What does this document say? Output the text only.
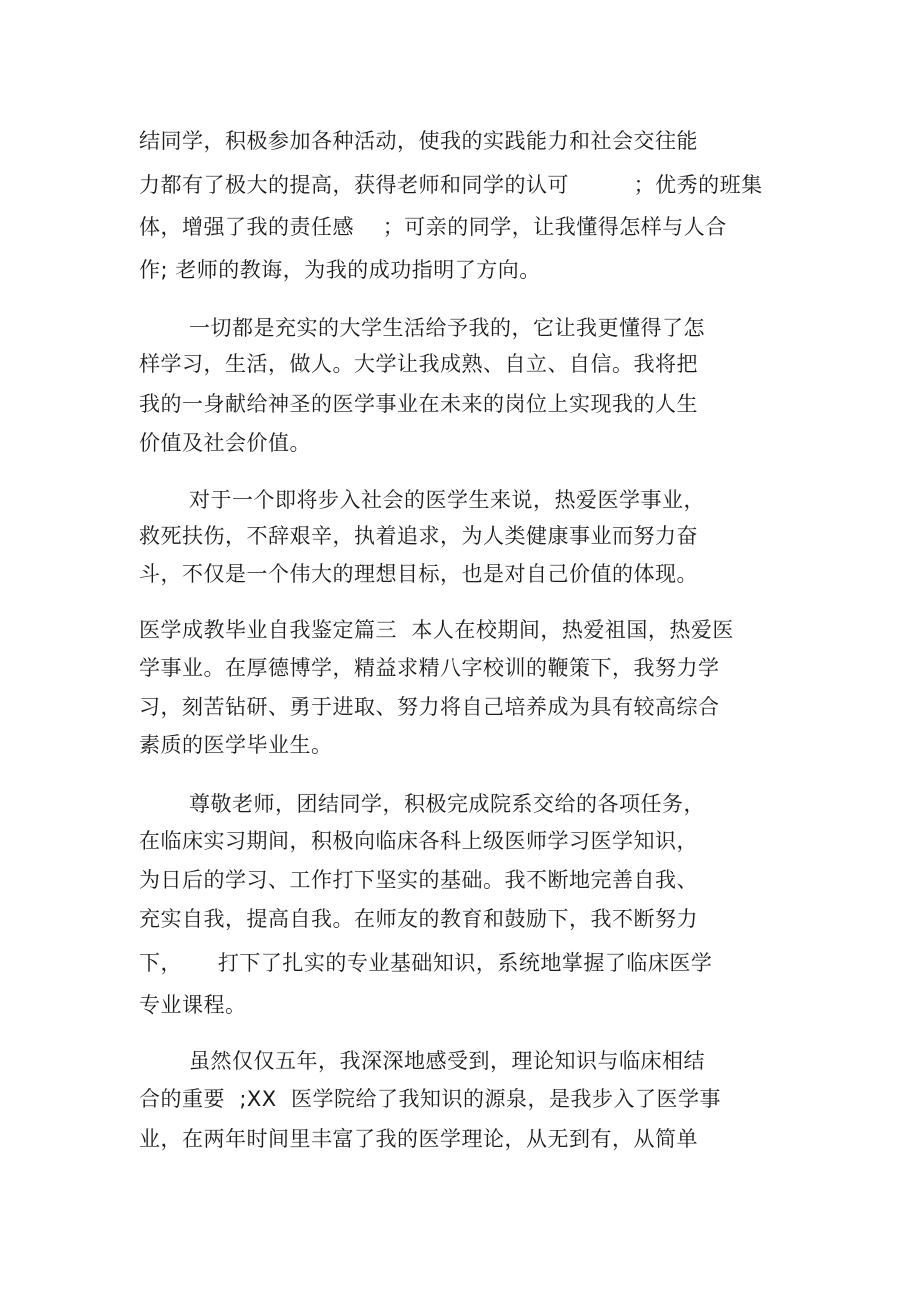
结同学，积极参加各种活动，使我的实践能力和社会交往能

力都有了极大的提高，获得老师和同学的认可         ；优秀的班集

体，增强了我的责任感    ；可亲的同学，让我懂得怎样与人合

作; 老师的教诲，为我的成功指明了方向。

一切都是充实的大学生活给予我的，它让我更懂得了怎

样学习，生活，做人。大学让我成熟、自立、自信。我将把

我的一身献给神圣的医学事业在未来的岗位上实现我的人生

价值及社会价值。

对于一个即将步入社会的医学生来说，热爱医学事业，

救死扶伤，不辞艰辛，执着追求，为人类健康事业而努力奋

斗，不仅是一个伟大的理想目标，也是对自己价值的体现。

医学成教毕业自我鉴定篇三  本人在校期间，热爱祖国，热爱医

学事业。在厚德博学，精益求精八字校训的鞭策下，我努力学

习，刻苦钻研、勇于进取、努力将自己培养成为具有较高综合

素质的医学毕业生。

尊敬老师，团结同学，积极完成院系交给的各项任务，

在临床实习期间，积极向临床各科上级医师学习医学知识，

为日后的学习、工作打下坚实的基础。我不断地完善自我、

充实自我，提高自我。在师友的教育和鼓励下，我不断努力

下，     打下了扎实的专业基础知识，系统地掌握了临床医学

专业课程。

虽然仅仅五年，我深深地感受到，理论知识与临床相结

合的重要  ;XX  医学院给了我知识的源泉，是我步入了医学事

业，在两年时间里丰富了我的医学理论，从无到有，从简单
